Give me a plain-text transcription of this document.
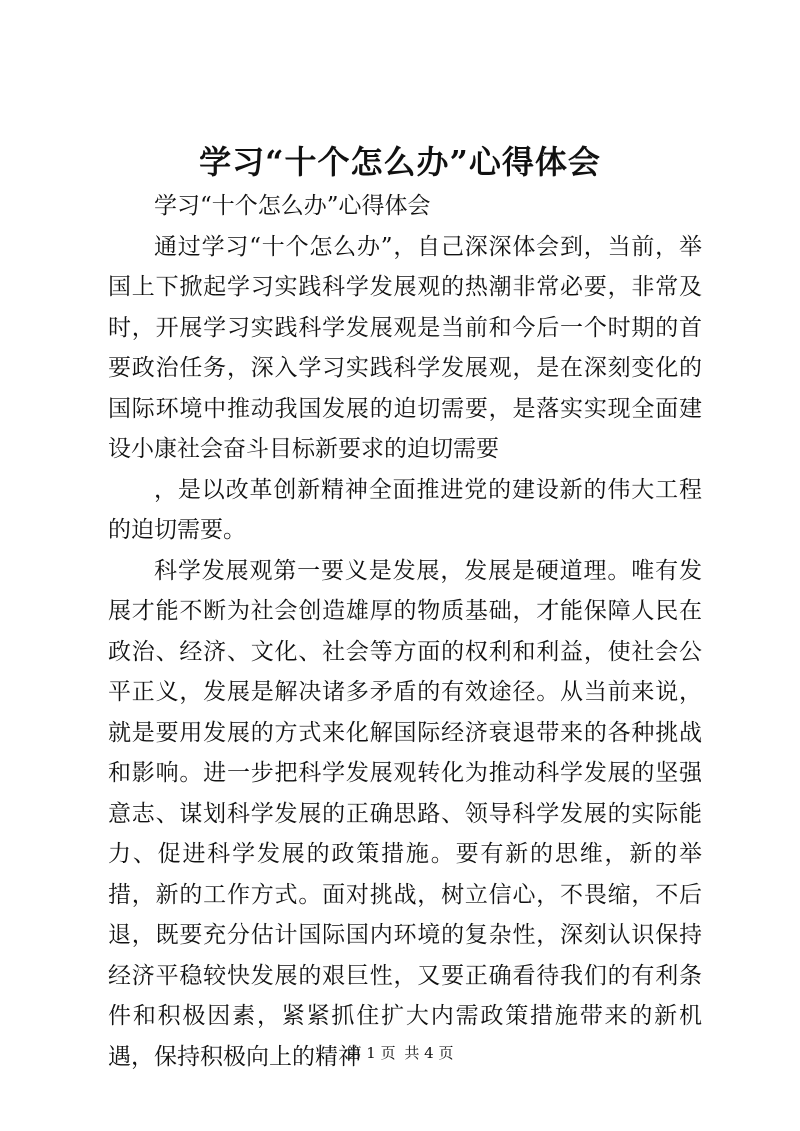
学习“十个怎么办”心得体会

学习“十个怎么办”心得体会

通过学习“十个怎么办”，自己深深体会到，当前，举国上下掀起学习实践科学发展观的热潮非常必要，非常及时，开展学习实践科学发展观是当前和今后一个时期的首要政治任务，深入学习实践科学发展观，是在深刻变化的国际环境中推动我国发展的迫切需要，是落实实现全面建设小康社会奋斗目标新要求的迫切需要

，是以改革创新精神全面推进党的建设新的伟大工程的迫切需要。

科学发展观第一要义是发展，发展是硬道理。唯有发展才能不断为社会创造雄厚的物质基础，才能保障人民在政治、经济、文化、社会等方面的权利和利益，使社会公平正义，发展是解决诸多矛盾的有效途径。从当前来说，就是要用发展的方式来化解国际经济衰退带来的各种挑战和影响。进一步把科学发展观转化为推动科学发展的坚强意志、谋划科学发展的正确思路、领导科学发展的实际能力、促进科学发展的政策措施。要有新的思维，新的举措，新的工作方式。面对挑战，树立信心，不畏缩，不后退，既要充分估计国际国内环境的复杂性，深刻认识保持经济平稳较快发展的艰巨性，又要正确看待我们的有利条件和积极因素，紧紧抓住扩大内需政策措施带来的新机遇，保持积极向上的精神

第 1 页 共 4 页
